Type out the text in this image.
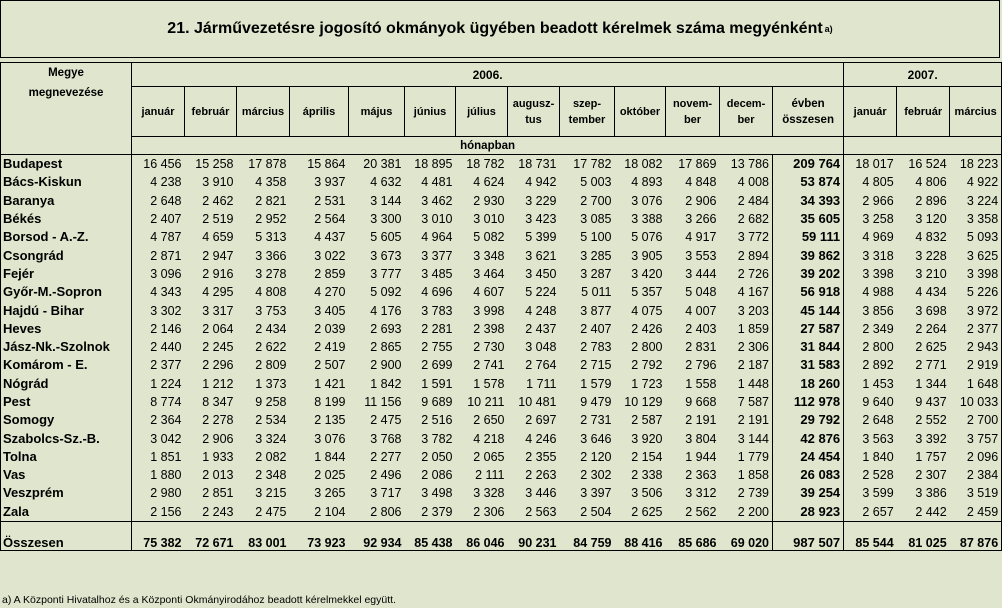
21. Járművezetésre jogosító okmányok ügyében beadott kérelmek száma megyénként a)
Megye
megnevezése	2006.													2007.		
	január	február	március	április	május	június	július	augusz-tus	szep-tember	október	novem-ber	decem-ber	évben összesen	január	február	március
	hónapban															
Budapest	16 456	15 258	17 878	15 864	20 381	18 895	18 782	18 731	17 782	18 082	17 869	13 786	209 764	18 017	16 524	18 223
Bács-Kiskun	4 238	3 910	4 358	3 937	4 632	4 481	4 624	4 942	5 003	4 893	4 848	4 008	53 874	4 805	4 806	4 922
Baranya	2 648	2 462	2 821	2 531	3 144	3 462	2 930	3 229	2 700	3 076	2 906	2 484	34 393	2 966	2 896	3 224
Békés	2 407	2 519	2 952	2 564	3 300	3 010	3 010	3 423	3 085	3 388	3 266	2 682	35 605	3 258	3 120	3 358
Borsod - A.-Z.	4 787	4 659	5 313	4 437	5 605	4 964	5 082	5 399	5 100	5 076	4 917	3 772	59 111	4 969	4 832	5 093
Csongrád	2 871	2 947	3 366	3 022	3 673	3 377	3 348	3 621	3 285	3 905	3 553	2 894	39 862	3 318	3 228	3 625
Fejér	3 096	2 916	3 278	2 859	3 777	3 485	3 464	3 450	3 287	3 420	3 444	2 726	39 202	3 398	3 210	3 398
Győr-M.-Sopron	4 343	4 295	4 808	4 270	5 092	4 696	4 607	5 224	5 011	5 357	5 048	4 167	56 918	4 988	4 434	5 226
Hajdú - Bihar	3 302	3 317	3 753	3 405	4 176	3 783	3 998	4 248	3 877	4 075	4 007	3 203	45 144	3 856	3 698	3 972
Heves	2 146	2 064	2 434	2 039	2 693	2 281	2 398	2 437	2 407	2 426	2 403	1 859	27 587	2 349	2 264	2 377
Jász-Nk.-Szolnok	2 440	2 245	2 622	2 419	2 865	2 755	2 730	3 048	2 783	2 800	2 831	2 306	31 844	2 800	2 625	2 943
Komárom - E.	2 377	2 296	2 809	2 507	2 900	2 699	2 741	2 764	2 715	2 792	2 796	2 187	31 583	2 892	2 771	2 919
Nógrád	1 224	1 212	1 373	1 421	1 842	1 591	1 578	1 711	1 579	1 723	1 558	1 448	18 260	1 453	1 344	1 648
Pest	8 774	8 347	9 258	8 199	11 156	9 689	10 211	10 481	9 479	10 129	9 668	7 587	112 978	9 640	9 437	10 033
Somogy	2 364	2 278	2 534	2 135	2 475	2 516	2 650	2 697	2 731	2 587	2 191	2 191	29 792	2 648	2 552	2 700
Szabolcs-Sz.-B.	3 042	2 906	3 324	3 076	3 768	3 782	4 218	4 246	3 646	3 920	3 804	3 144	42 876	3 563	3 392	3 757
Tolna	1 851	1 933	2 082	1 844	2 277	2 050	2 065	2 355	2 120	2 154	1 944	1 779	24 454	1 840	1 757	2 096
Vas	1 880	2 013	2 348	2 025	2 496	2 086	2 111	2 263	2 302	2 338	2 363	1 858	26 083	2 528	2 307	2 384
Veszprém	2 980	2 851	3 215	3 265	3 717	3 498	3 328	3 446	3 397	3 506	3 312	2 739	39 254	3 599	3 386	3 519
Zala	2 156	2 243	2 475	2 104	2 806	2 379	2 306	2 563	2 504	2 625	2 562	2 200	28 923	2 657	2 442	2 459
Összesen	75 382	72 671	83 001	73 923	92 934	85 438	86 046	90 231	84 759	88 416	85 686	69 020	987 507	85 544	81 025	87 876
a) A Központi Hivatalhoz és a Központi Okmányirodához beadott kérelmekkel együtt.
